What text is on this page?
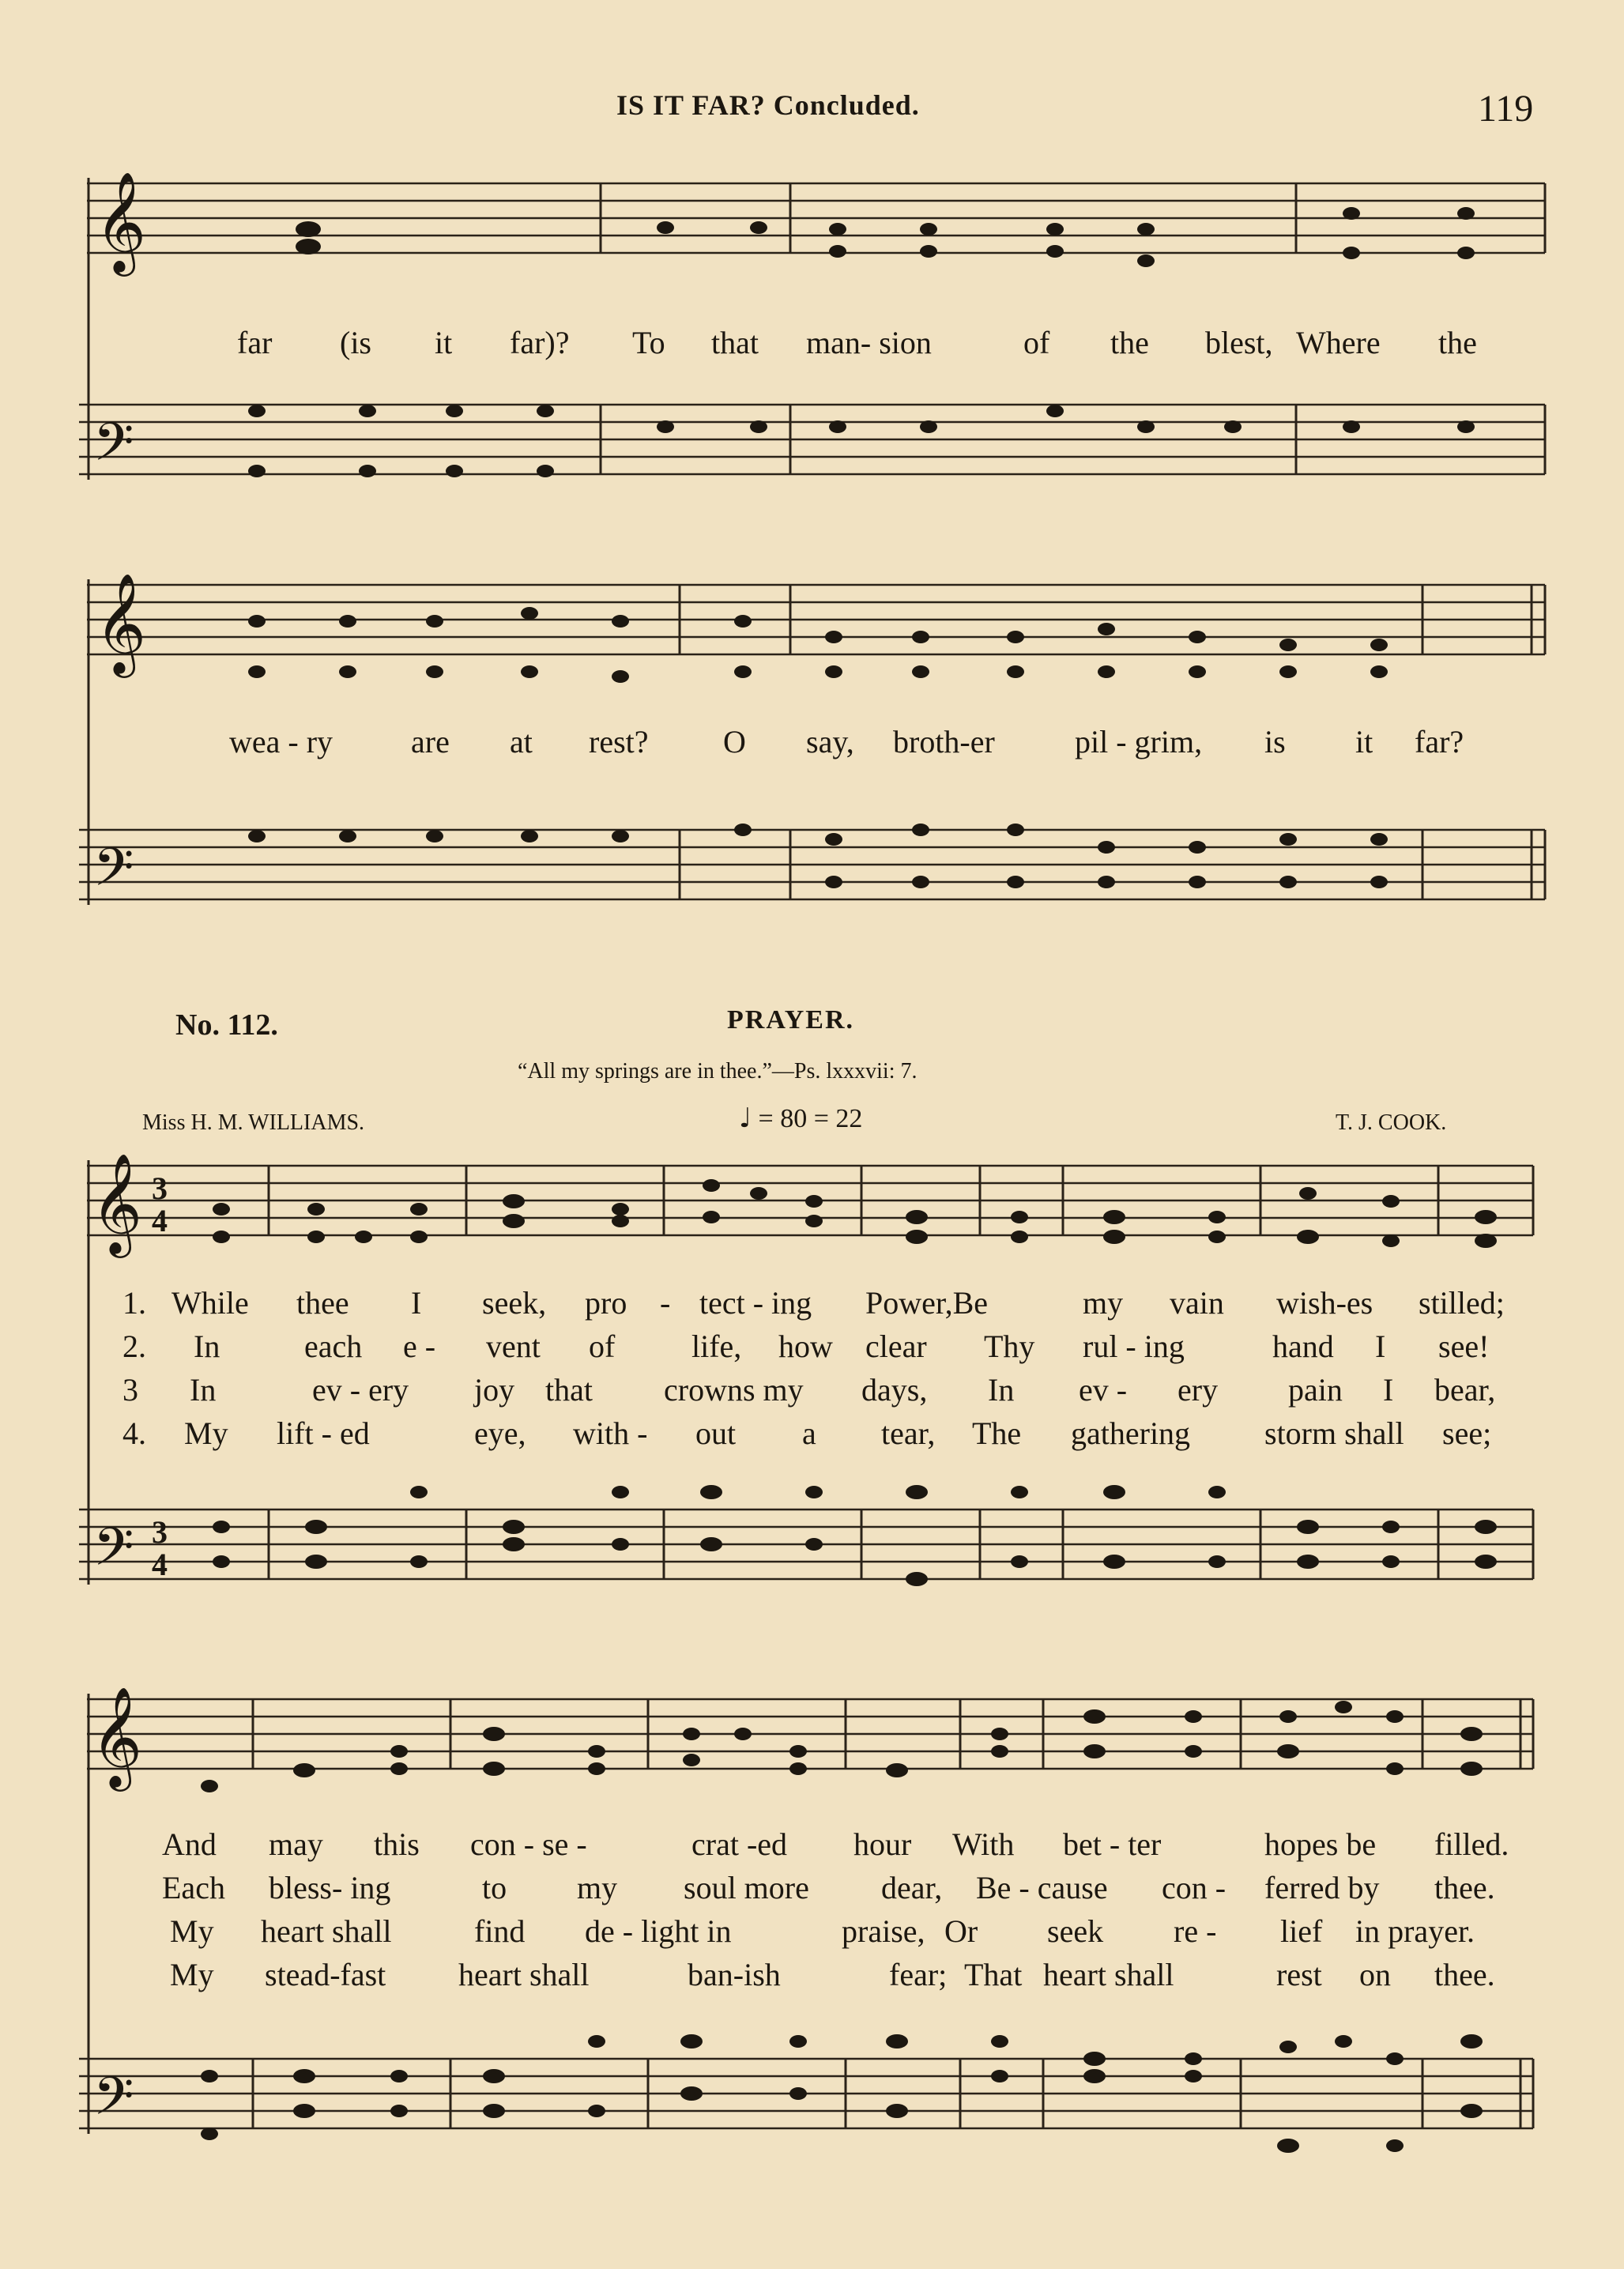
IS IT FAR? Concluded.	119
𝄞
𝄢
far (is it far)? To that man- sion	of the blest, Where the
𝄞
𝄢
wea - ry are at rest? O say, broth-er	pil - grim, is it far?
No. 112.	PRAYER.
“All my springs are in thee.”—Ps. lxxxvii: 7.
Miss H. M. WILLIAMS.	♩ = 80 = 22	T. J. COOK.
𝄞
𝄢
3
4
3
4
1. While thee I seek, pro - tect - ing Power,Be	my vain wish-es stilled;
2. In	each e - vent of life, how clear Thy rul - ing	hand I see!
3 In	ev - ery joy that crowns my days, In ev - ery pain I bear,
4. My lift - ed	eye, with - out a tear, The gathering storm shall see;
𝄞
𝄢
And may this con - se -	crat -ed hour With bet - ter	hopes be filled.
Each bless- ing	to my soul more dear, Be - cause con - ferred by thee.
My heart shall	find de - light in	praise, Or seek re - lief in prayer.
My stead-fast heart shall	ban-ish	fear; That heart shall	rest on thee.
